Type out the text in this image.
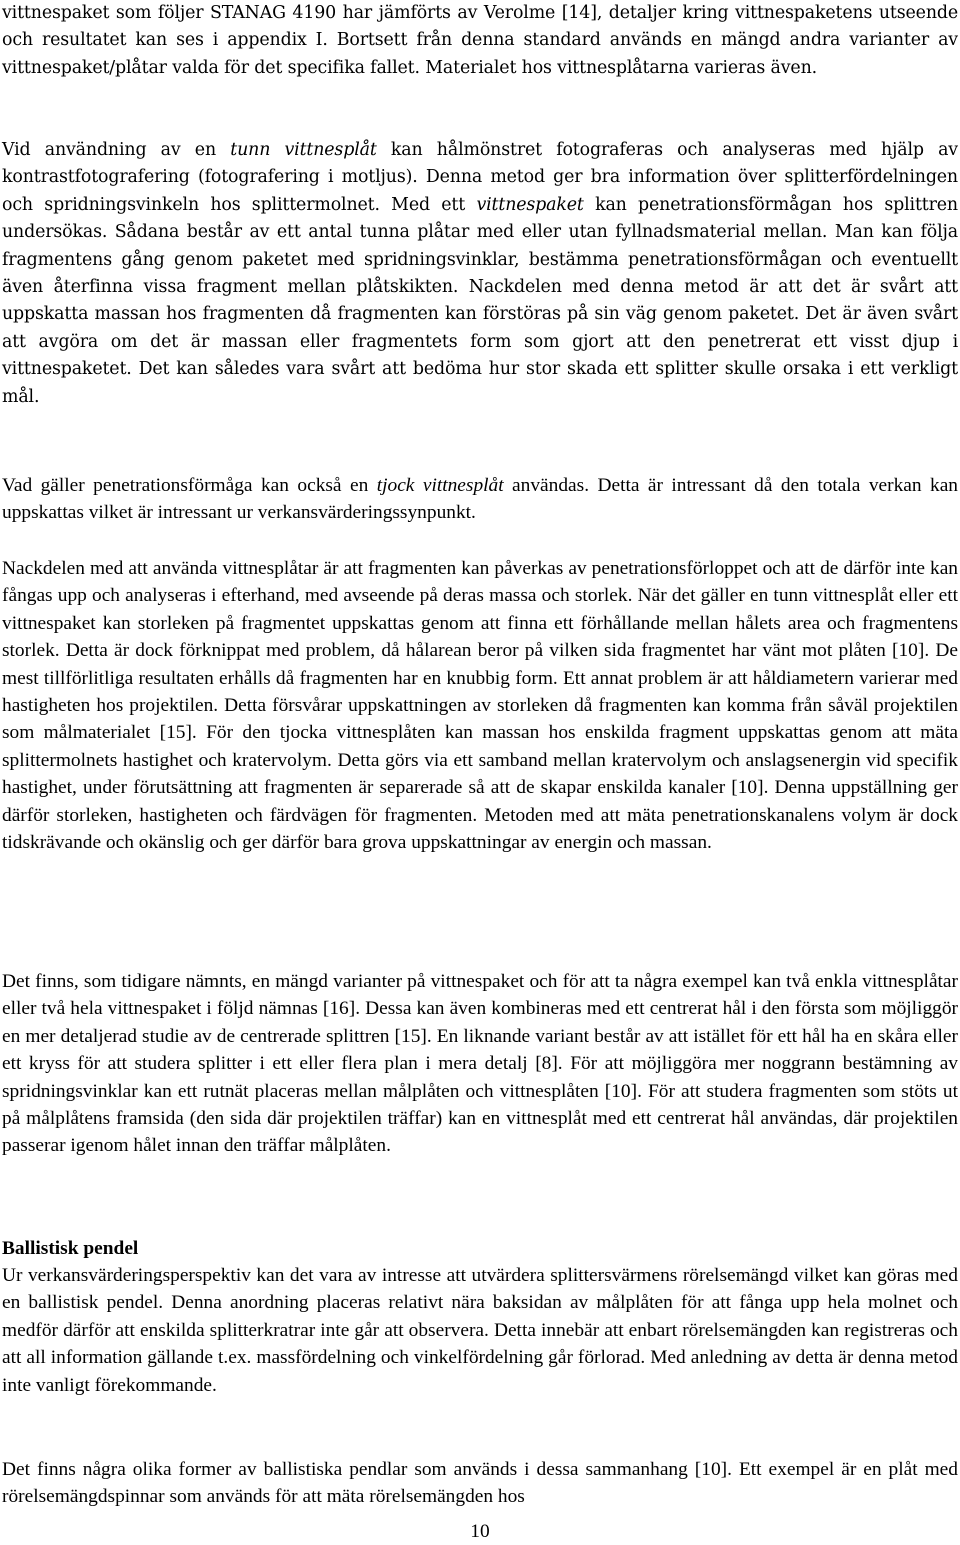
vittnespaket som följer STANAG 4190 har jämförts av Verolme [14], detaljer kring vittnespaketens utseende och resultatet kan ses i appendix I. Bortsett från denna standard används en mängd andra varianter av vittnespaket/plåtar valda för det specifika fallet. Materialet hos vittnesplåtarna varieras även.

Vid användning av en tunn vittnesplåt kan hålmönstret fotograferas och analyseras med hjälp av kontrastfotografering (fotografering i motljus). Denna metod ger bra information över splitterfördelningen och spridningsvinkeln hos splittermolnet. Med ett vittnespaket kan penetrationsförmågan hos splittren undersökas. Sådana består av ett antal tunna plåtar med eller utan fyllnadsmaterial mellan. Man kan följa fragmentens gång genom paketet med spridningsvinklar, bestämma penetrationsförmågan och eventuellt även återfinna vissa fragment mellan plåtskikten. Nackdelen med denna metod är att det är svårt att uppskatta massan hos fragmenten då fragmenten kan förstöras på sin väg genom paketet. Det är även svårt att avgöra om det är massan eller fragmentets form som gjort att den penetrerat ett visst djup i vittnespaketet. Det kan således vara svårt att bedöma hur stor skada ett splitter skulle orsaka i ett verkligt mål.

Vad gäller penetrationsförmåga kan också en tjock vittnesplåt användas. Detta är intressant då den totala verkan kan uppskattas vilket är intressant ur verkansvärderingssynpunkt.

Nackdelen med att använda vittnesplåtar är att fragmenten kan påverkas av penetrationsförloppet och att de därför inte kan fångas upp och analyseras i efterhand, med avseende på deras massa och storlek. När det gäller en tunn vittnesplåt eller ett vittnespaket kan storleken på fragmentet uppskattas genom att finna ett förhållande mellan hålets area och fragmentens storlek. Detta är dock förknippat med problem, då hålarean beror på vilken sida fragmentet har vänt mot plåten [10]. De mest tillförlitliga resultaten erhålls då fragmenten har en knubbig form. Ett annat problem är att håldiametern varierar med hastigheten hos projektilen. Detta försvårar uppskattningen av storleken då fragmenten kan komma från såväl projektilen som målmaterialet [15]. För den tjocka vittnesplåten kan massan hos enskilda fragment uppskattas genom att mäta splittermolnets hastighet och kratervolym. Detta görs via ett samband mellan kratervolym och anslagsenergin vid specifik hastighet, under förutsättning att fragmenten är separerade så att de skapar enskilda kanaler [10]. Denna uppställning ger därför storleken, hastigheten och färdvägen för fragmenten. Metoden med att mäta penetrationskanalens volym är dock tidskrävande och okänslig och ger därför bara grova uppskattningar av energin och massan.

Det finns, som tidigare nämnts, en mängd varianter på vittnespaket och för att ta några exempel kan två enkla vittnesplåtar eller två hela vittnespaket i följd nämnas [16]. Dessa kan även kombineras med ett centrerat hål i den första som möjliggör en mer detaljerad studie av de centrerade splittren [15]. En liknande variant består av att istället för ett hål ha en skåra eller ett kryss för att studera splitter i ett eller flera plan i mera detalj [8]. För att möjliggöra mer noggrann bestämning av spridningsvinklar kan ett rutnät placeras mellan målplåten och vittnesplåten [10]. För att studera fragmenten som stöts ut på målplåtens framsida (den sida där projektilen träffar) kan en vittnesplåt med ett centrerat hål användas, där projektilen passerar igenom hålet innan den träffar målplåten.

Ballistisk pendel

Ur verkansvärderingsperspektiv kan det vara av intresse att utvärdera splittersvärmens rörelsemängd vilket kan göras med en ballistisk pendel. Denna anordning placeras relativt nära baksidan av målplåten för att fånga upp hela molnet och medför därför att enskilda splitterkratrar inte går att observera. Detta innebär att enbart rörelsemängden kan registreras och att all information gällande t.ex. massfördelning och vinkelfördelning går förlorad. Med anledning av detta är denna metod inte vanligt förekommande.

Det finns några olika former av ballistiska pendlar som används i dessa sammanhang [10]. Ett exempel är en plåt med rörelsemängdspinnar som används för att mäta rörelsemängden hos

10
